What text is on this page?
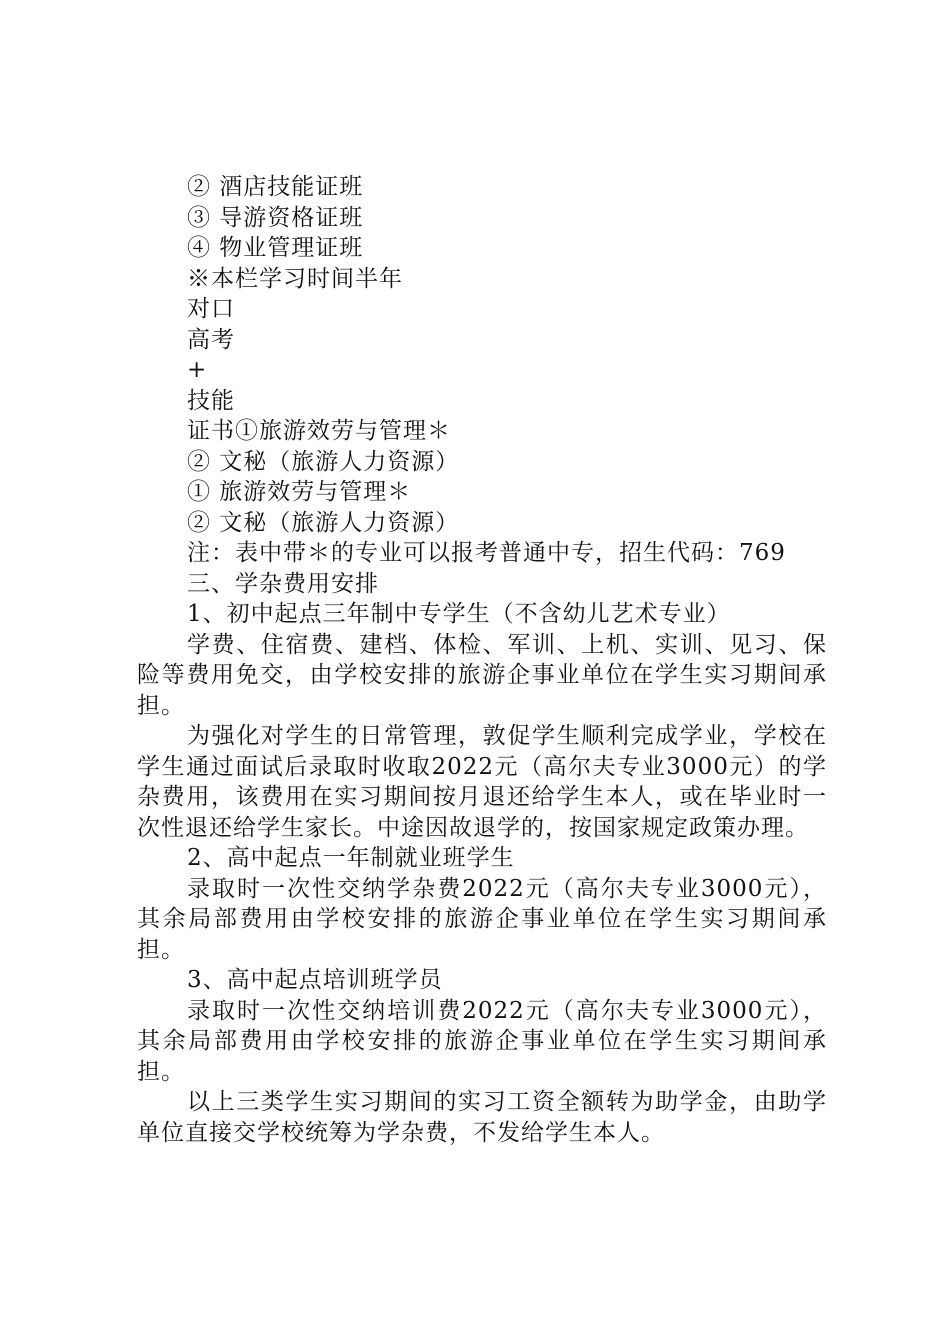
② 酒店技能证班

③ 导游资格证班

④ 物业管理证班

※本栏学习时间半年

对口

高考

+

技能

证书①旅游效劳与管理＊

② 文秘（旅游人力资源）

① 旅游效劳与管理＊

② 文秘（旅游人力资源）

注：表中带＊的专业可以报考普通中专，招生代码：769

三、学杂费用安排

1、初中起点三年制中专学生（不含幼儿艺术专业）

学费、住宿费、建档、体检、军训、上机、实训、见习、保险等费用免交，由学校安排的旅游企事业单位在学生实习期间承担。

为强化对学生的日常管理，敦促学生顺利完成学业，学校在学生通过面试后录取时收取2022元（高尔夫专业3000元）的学杂费用，该费用在实习期间按月退还给学生本人，或在毕业时一次性退还给学生家长。中途因故退学的，按国家规定政策办理。

2、高中起点一年制就业班学生

录取时一次性交纳学杂费2022元（高尔夫专业3000元），其余局部费用由学校安排的旅游企事业单位在学生实习期间承担。

3、高中起点培训班学员

录取时一次性交纳培训费2022元（高尔夫专业3000元），其余局部费用由学校安排的旅游企事业单位在学生实习期间承担。

以上三类学生实习期间的实习工资全额转为助学金，由助学单位直接交学校统筹为学杂费，不发给学生本人。
